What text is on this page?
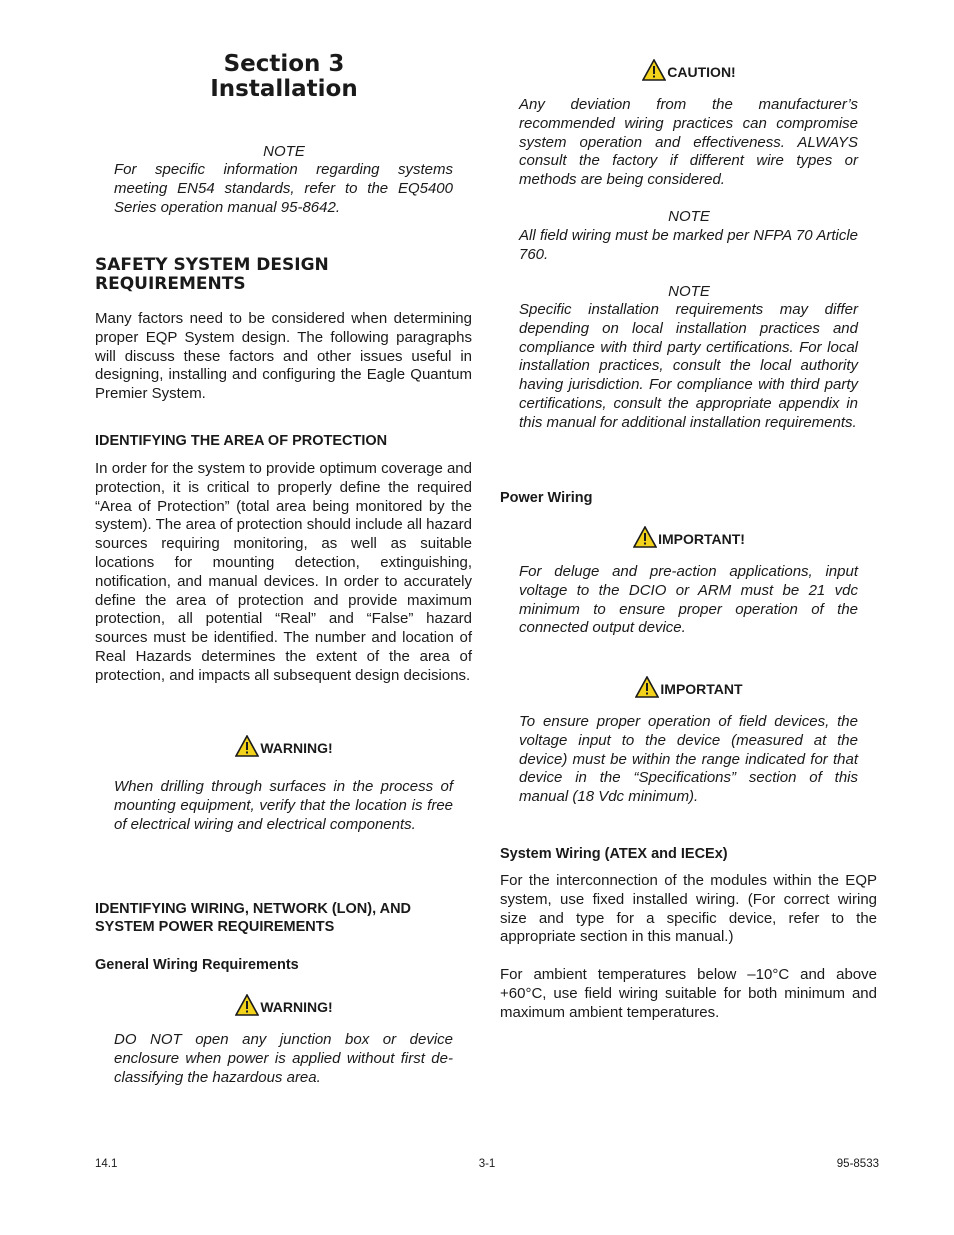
Section 3
Installation
NOTE
For specific information regarding systems meeting EN54 standards, refer to the EQ5400 Series operation manual 95-8642.
SAFETY SYSTEM DESIGN
REQUIREMENTS
Many factors need to be considered when determining proper EQP System design. The following paragraphs will discuss these factors and other issues useful in designing, installing and configuring the Eagle Quantum Premier System.
IDENTIFYING THE AREA OF PROTECTION
In order for the system to provide optimum coverage and protection, it is critical to properly define the required “Area of Protection” (total area being monitored by the system). The area of protection should include all hazard sources requiring monitoring, as well as suitable locations for mounting detection, extinguishing, notification, and manual devices. In order to accurately define the area of protection and provide maximum protection, all potential “Real” and “False” hazard sources must be identified. The number and location of Real Hazards determines the extent of the area of protection, and impacts all subsequent design decisions.
WARNING!
When drilling through surfaces in the process of mounting equipment, verify that the location is free of electrical wiring and electrical components.
IDENTIFYING WIRING, NETWORK (LON), AND
SYSTEM POWER REQUIREMENTS
General Wiring Requirements
WARNING!
DO NOT open any junction box or device enclosure when power is applied without first de-classifying the hazardous area.
CAUTION!
Any deviation from the manufacturer’s recommended wiring practices can compromise system operation and effectiveness. ALWAYS consult the factory if different wire types or methods are being considered.
NOTE
All field wiring must be marked per NFPA 70 Article 760.
NOTE
Specific installation requirements may differ depending on local installation practices and compliance with third party certifications. For local installation practices, consult the local authority having jurisdiction. For compliance with third party certifications, consult the appropriate appendix in this manual for additional installation requirements.
Power Wiring
IMPORTANT!
For deluge and pre-action applications, input voltage to the DCIO or ARM must be 21 vdc minimum to ensure proper operation of the connected output device.
IMPORTANT
To ensure proper operation of field devices, the voltage input to the device (measured at the device) must be within the range indicated for that device in the “Specifications” section of this manual (18 Vdc minimum).
System Wiring (ATEX and IECEx)
For the interconnection of the modules within the EQP system, use fixed installed wiring. (For correct wiring size and type for a specific device, refer to the appropriate section in this manual.)
For ambient temperatures below –10°C and above +60°C, use field wiring suitable for both minimum and maximum ambient temperatures.
14.1	3-1	95-8533
